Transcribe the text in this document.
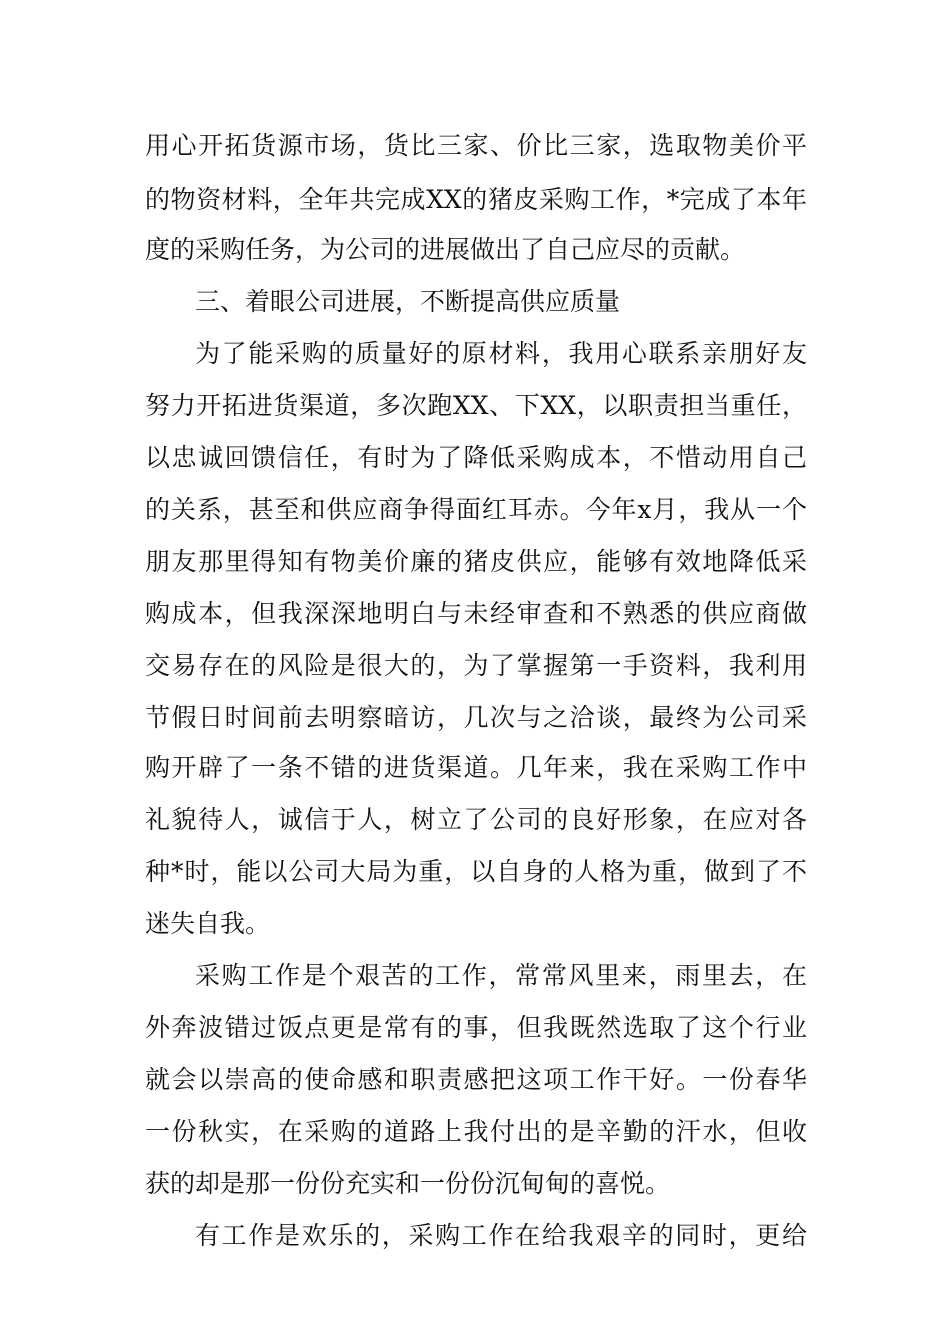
用心开拓货源市场，货比三家、价比三家，选取物美价平
的物资材料，全年共完成XX的猪皮采购工作，*完成了本年
度的采购任务，为公司的进展做出了自己应尽的贡献。
三、着眼公司进展，不断提高供应质量
为了能采购的质量好的原材料，我用心联系亲朋好友
努力开拓进货渠道，多次跑XX、下XX，以职责担当重任，
以忠诚回馈信任，有时为了降低采购成本，不惜动用自己
的关系，甚至和供应商争得面红耳赤。今年x月，我从一个
朋友那里得知有物美价廉的猪皮供应，能够有效地降低采
购成本，但我深深地明白与未经审查和不熟悉的供应商做
交易存在的风险是很大的，为了掌握第一手资料，我利用
节假日时间前去明察暗访，几次与之洽谈，最终为公司采
购开辟了一条不错的进货渠道。几年来，我在采购工作中
礼貌待人，诚信于人，树立了公司的良好形象，在应对各
种*时，能以公司大局为重，以自身的人格为重，做到了不
迷失自我。
采购工作是个艰苦的工作，常常风里来，雨里去，在
外奔波错过饭点更是常有的事，但我既然选取了这个行业
就会以崇高的使命感和职责感把这项工作干好。一份春华
一份秋实，在采购的道路上我付出的是辛勤的汗水，但收
获的却是那一份份充实和一份份沉甸甸的喜悦。
有工作是欢乐的，采购工作在给我艰辛的同时，更给
